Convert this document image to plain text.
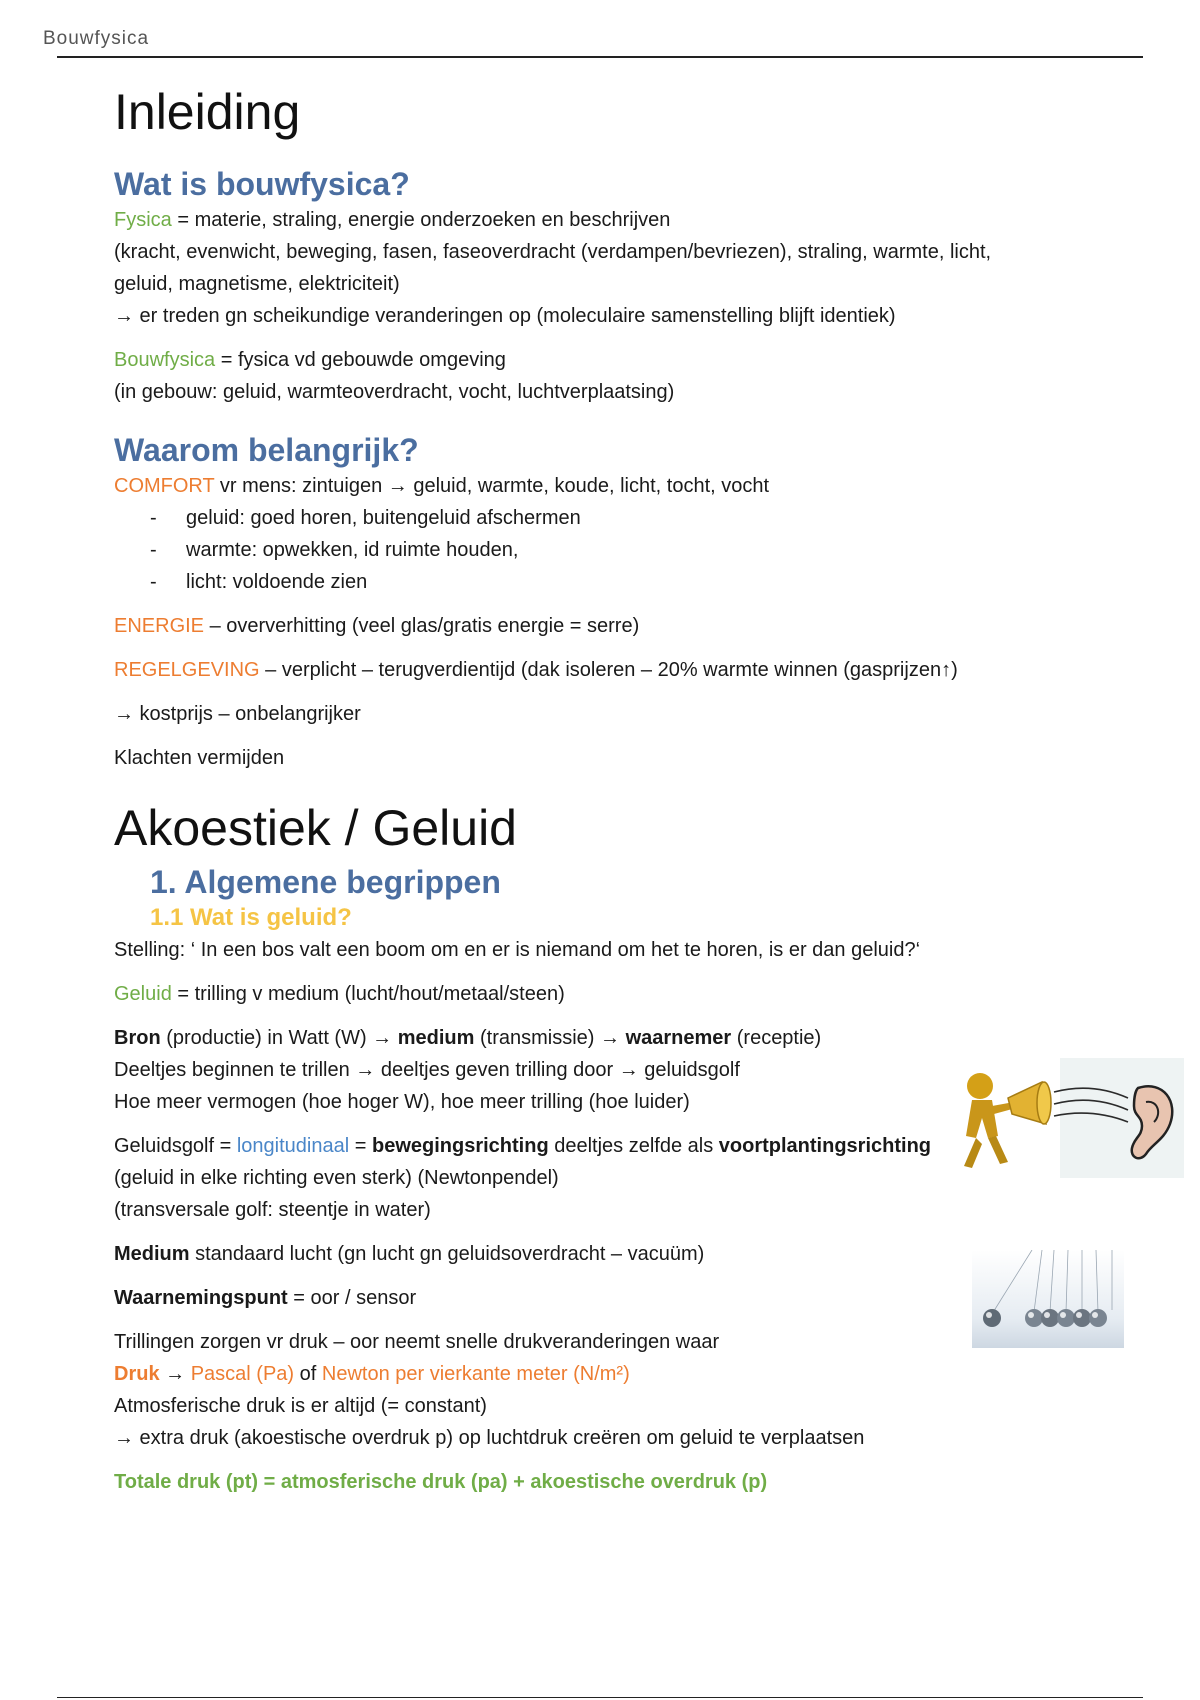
Bouwfysica
Inleiding
Wat is bouwfysica?

Fysica = materie, straling, energie onderzoeken en beschrijven

(kracht, evenwicht, beweging, fasen, faseoverdracht (verdampen/bevriezen), straling, warmte, licht,

geluid, magnetisme, elektriciteit)

→ er treden gn scheikundige veranderingen op (moleculaire samenstelling blijft identiek)

Bouwfysica = fysica vd gebouwde omgeving

(in gebouw: geluid, warmteoverdracht, vocht, luchtverplaatsing)

Waarom belangrijk?

COMFORT vr mens: zintuigen → geluid, warmte, koude, licht, tocht, vocht

- geluid: goed horen, buitengeluid afschermen
- warmte: opwekken, id ruimte houden,
- licht: voldoende zien

ENERGIE – oververhitting (veel glas/gratis energie = serre)

REGELGEVING – verplicht – terugverdientijd (dak isoleren – 20% warmte winnen (gasprijzen↑)

→ kostprijs – onbelangrijker

Klachten vermijden

Akoestiek / Geluid
1. Algemene begrippen
1.1 Wat is geluid?

Stelling: ‘ In een bos valt een boom om en er is niemand om het te horen, is er dan geluid?‘

Geluid = trilling v medium (lucht/hout/metaal/steen)

Bron (productie) in Watt (W) → medium (transmissie) → waarnemer (receptie)

Deeltjes beginnen te trillen → deeltjes geven trilling door → geluidsgolf

Hoe meer vermogen (hoe hoger W), hoe meer trilling (hoe luider)

Geluidsgolf = longitudinaal = bewegingsrichting deeltjes zelfde als voortplantingsrichting

(geluid in elke richting even sterk) (Newtonpendel)

(transversale golf: steentje in water)

Medium standaard lucht (gn lucht gn geluidsoverdracht – vacuüm)

Waarnemingspunt = oor / sensor

Trillingen zorgen vr druk – oor neemt snelle drukveranderingen waar

Druk → Pascal (Pa) of Newton per vierkante meter (N/m²)

Atmosferische druk is er altijd (= constant)

→ extra druk (akoestische overdruk p) op luchtdruk creëren om geluid te verplaatsen

Totale druk (pt) = atmosferische druk (pa) + akoestische overdruk (p)
